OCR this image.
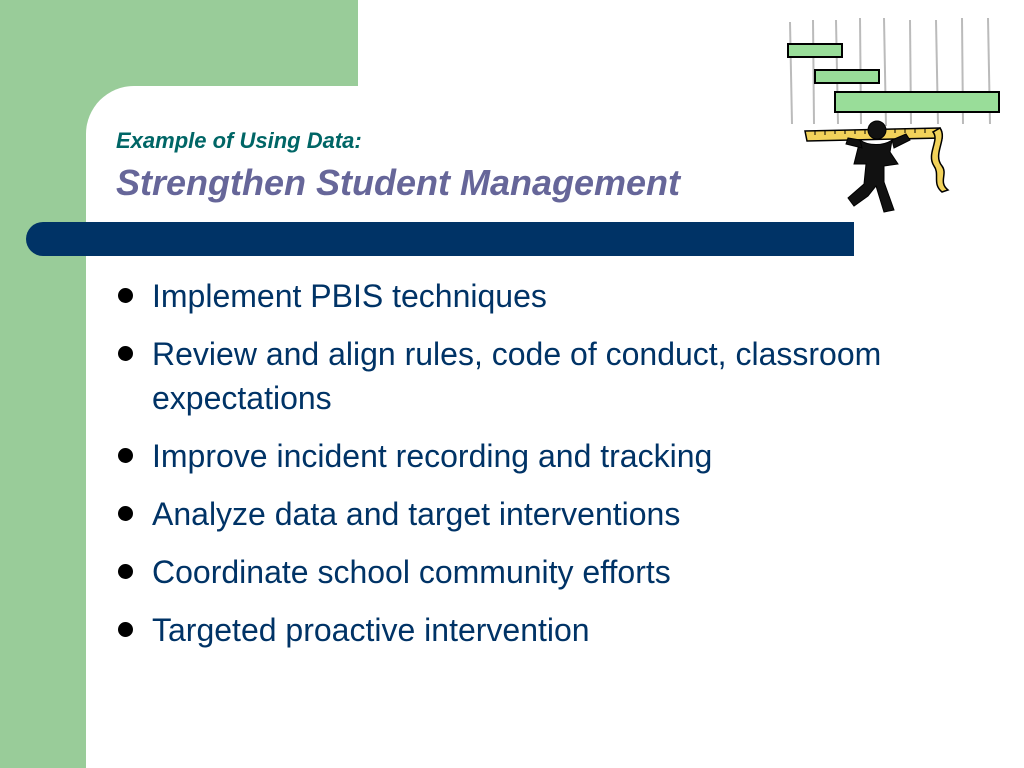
Example of Using Data:
Strengthen Student Management
Implement PBIS techniques
Review and align rules, code of conduct, classroom expectations
Improve incident recording and tracking
Analyze data and target interventions
Coordinate school community efforts
Targeted proactive intervention
